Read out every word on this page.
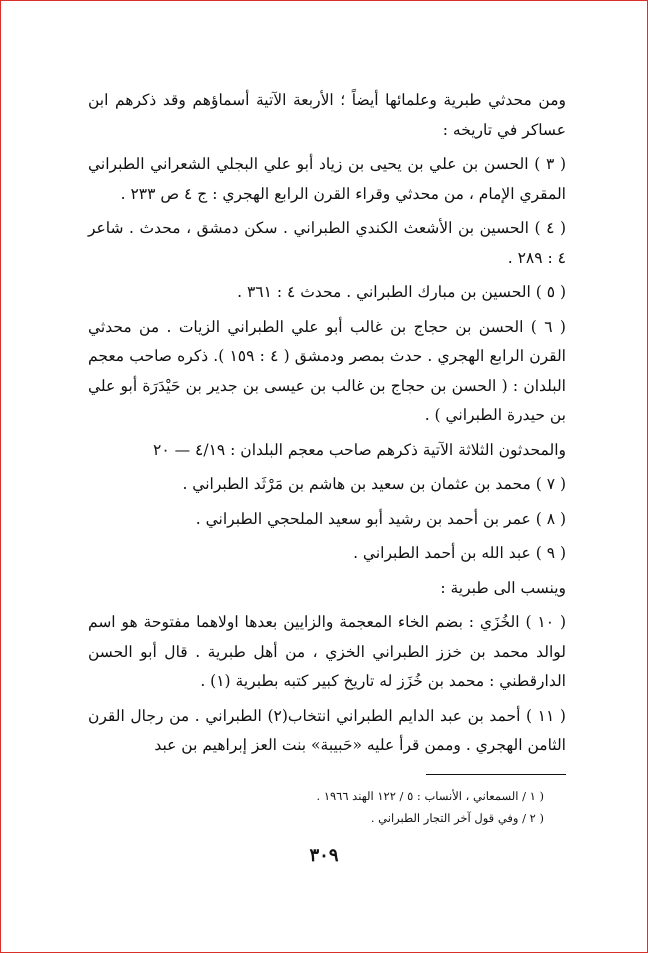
ومن محدثي طبرية وعلمائها أيضاً ؛ الأربعة الآتية أسماؤهم وقد ذكرهم ابن عساكر في تاريخه :

( ٣ ) الحسن بن علي بن يحيى بن زياد أبو علي البجلي الشعراني الطبراني المقري الإمام ، من محدثي وقراء القرن الرابع الهجري : ج ٤ ص ٢٣٣ .

( ٤ ) الحسين بن الأشعث الكندي الطبراني . سكن دمشق ، محدث . شاعر ٤ : ٢٨٩ .

( ٥ ) الحسين بن مبارك الطبراني . محدث ٤ : ٣٦١ .

( ٦ ) الحسن بن حجاج بن غالب أبو علي الطبراني الزيات . من محدثي القرن الرابع الهجري . حدث بمصر ودمشق ( ٤ : ١٥٩ ). ذكره صاحب معجم البلدان : ( الحسن بن حجاج بن غالب بن عيسى بن جدير بن حَيْدَرَة أبو علي بن حيدرة الطبراني ) .

والمحدثون الثلاثة الآتية ذكرهم صاحب معجم البلدان : ٤/١٩ — ٢٠

( ٧ ) محمد بن عثمان بن سعيد بن هاشم بن مَرْثَد الطبراني .

( ٨ ) عمر بن أحمد بن رشيد أبو سعيد الملحجي الطبراني .

( ٩ ) عبد الله بن أحمد الطبراني .

وينسب الى طبرية :

( ١٠ ) الخُزَي : بضم الخاء المعجمة والزايين بعدها اولاهما مفتوحة هو اسم لوالد محمد بن خزز الطبراني الخزي ، من أهل طبرية . قال أبو الحسن الدارقطني : محمد بن خُزَز له تاريخ كبير كتبه بطبرية (١) .

( ١١ ) أحمد بن عبد الدايم الطبراني انتخاب(٢) الطبراني . من رجال القرن الثامن الهجري . وممن قرأ عليه «حَبيبة» بنت العز إبراهيم بن عبد

( ١ / السمعاني ، الأنساب : ٥ / ١٢٢ الهند ١٩٦٦ .

( ٢ / وفي قول آخر التجار الطبراني .

٣٠٩
